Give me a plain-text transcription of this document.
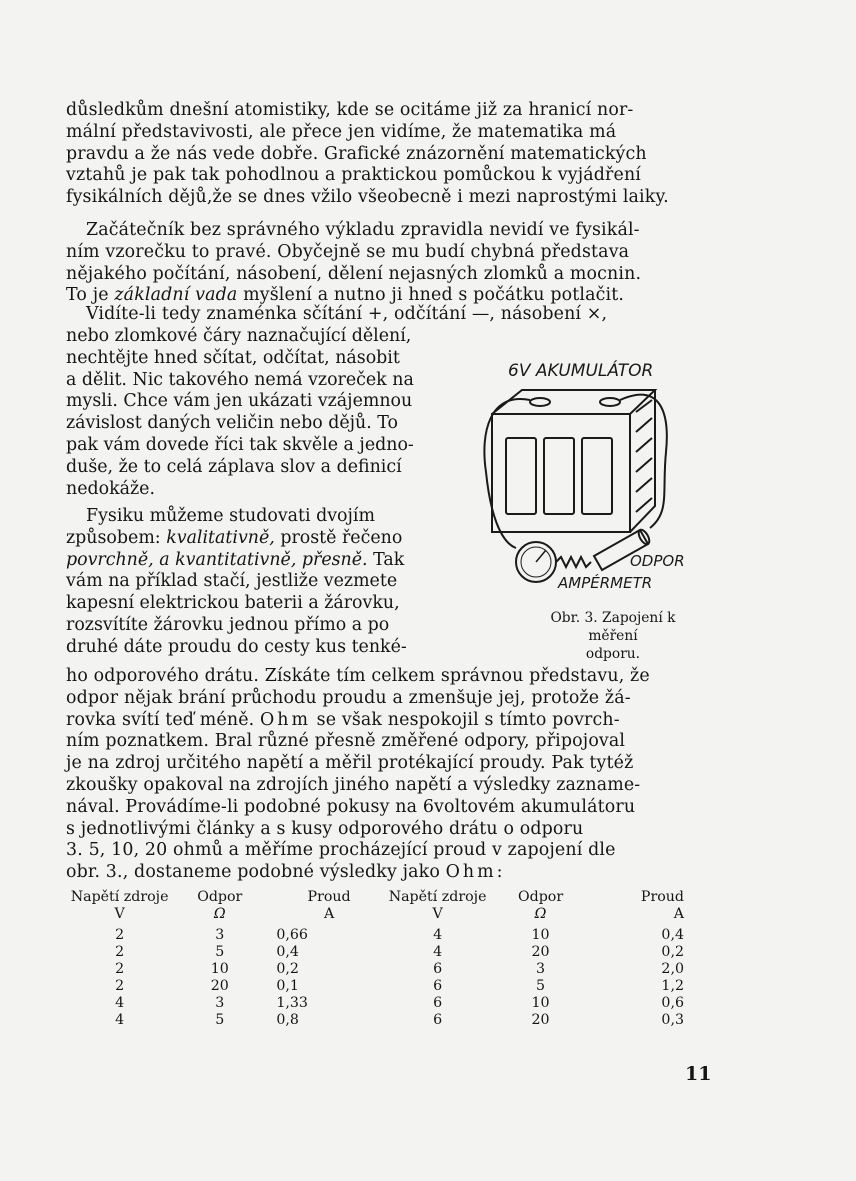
důsledkům dnešní atomistiky, kde se ocitáme již za hranicí nor-
mální představivosti, ale přece jen vidíme, že matematika má
pravdu a že nás vede dobře. Grafické znázornění matematických
vztahů je pak tak pohodlnou a praktickou pomůckou k vyjádření
fysikálních dějů,že se dnes vžilo všeobecně i mezi naprostými laiky.
Začátečník bez správného výkladu zpravidla nevidí ve fysikál-
ním vzorečku to pravé. Obyčejně se mu budí chybná představa
nějakého počítání, násobení, dělení nejasných zlomků a mocnin.
To je základní vada myšlení a nutno ji hned s počátku potlačit.
Vidíte-li tedy znaménka sčítání +, odčítání —, násobení ×,
nebo zlomkové čáry naznačující dělení,
nechtějte hned sčítat, odčítat, násobit
a dělit. Nic takového nemá vzoreček na
mysli. Chce vám jen ukázati vzájemnou
závislost daných veličin nebo dějů. To
pak vám dovede říci tak skvěle a jedno-
duše, že to celá záplava slov a definicí
nedokáže.
Fysiku můžeme studovati dvojím
způsobem: kvalitativně, prostě řečeno
povrchně, a kvantitativně, přesně. Tak
vám na příklad stačí, jestliže vezmete
kapesní elektrickou baterii a žárovku,
rozsvítíte žárovku jednou přímo a po
druhé dáte proudu do cesty kus tenké-
6V AKUMULÁTOR
ODPOR
AMPÉRMETR
Obr. 3. Zapojení k měření
odporu.
ho odporového drátu. Získáte tím celkem správnou představu, že
odpor nějak brání průchodu proudu a zmenšuje jej, protože žá-
rovka svítí teď méně. Ohm se však nespokojil s tímto povrch-
ním poznatkem. Bral různé přesně změřené odpory, připojoval
je na zdroj určitého napětí a měřil protékající proudy. Pak tytéž
zkoušky opakoval na zdrojích jiného napětí a výsledky zazname-
nával. Provádíme-li podobné pokusy na 6voltovém akumulátoru
s jednotlivými články a s kusy odporového drátu o odporu
3. 5, 10, 20 ohmů a měříme procházející proud v zapojení dle
obr. 3., dostaneme podobné výsledky jako Ohm:
Napětí zdroje	Odpor	Proud	Napětí zdroje	Odpor	Proud
V	Ω	A	V	Ω	A

2	3	0,66	4	10	0,4
2	5	0,4	4	20	0,2
2	10	0,2	6	3	2,0
2	20	0,1	6	5	1,2
4	3	1,33	6	10	0,6
4	5	0,8	6	20	0,3
11
